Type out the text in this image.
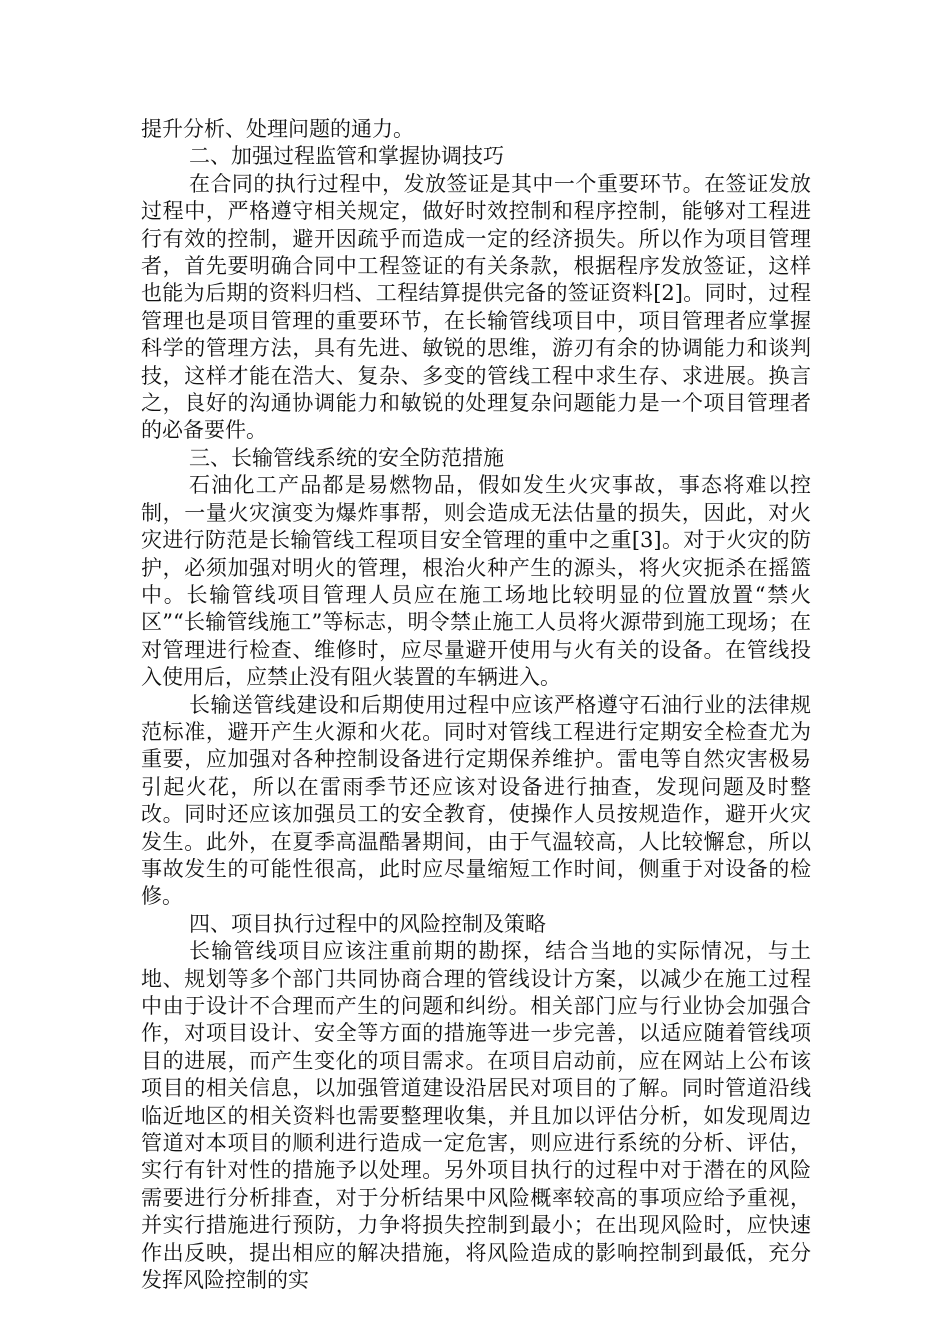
提升分析、处理问题的通力。

二、加强过程监管和掌握协调技巧

在合同的执行过程中，发放签证是其中一个重要环节。在签证发放过程中，严格遵守相关规定，做好时效控制和程序控制，能够对工程进行有效的控制，避开因疏乎而造成一定的经济损失。所以作为项目管理者，首先要明确合同中工程签证的有关条款，根据程序发放签证，这样也能为后期的资料归档、工程结算提供完备的签证资料[2]。同时，过程管理也是项目管理的重要环节，在长输管线项目中，项目管理者应掌握科学的管理方法，具有先进、敏锐的思维，游刃有余的协调能力和谈判技，这样才能在浩大、复杂、多变的管线工程中求生存、求进展。换言之，良好的沟通协调能力和敏锐的处理复杂问题能力是一个项目管理者的必备要件。

三、长输管线系统的安全防范措施

石油化工产品都是易燃物品，假如发生火灾事故，事态将难以控制，一量火灾演变为爆炸事帮，则会造成无法估量的损失，因此，对火灾进行防范是长输管线工程项目安全管理的重中之重[3]。对于火灾的防护，必须加强对明火的管理，根治火种产生的源头，将火灾扼杀在摇篮中。长输管线项目管理人员应在施工场地比较明显的位置放置“禁火区”“长输管线施工”等标志，明令禁止施工人员将火源带到施工现场；在对管理进行检查、维修时，应尽量避开使用与火有关的设备。在管线投入使用后，应禁止没有阻火装置的车辆进入。

长输送管线建设和后期使用过程中应该严格遵守石油行业的法律规范标准，避开产生火源和火花。同时对管线工程进行定期安全检查尤为重要，应加强对各种控制设备进行定期保养维护。雷电等自然灾害极易引起火花，所以在雷雨季节还应该对设备进行抽查，发现问题及时整改。同时还应该加强员工的安全教育，使操作人员按规造作，避开火灾发生。此外，在夏季高温酷暑期间，由于气温较高，人比较懈怠，所以事故发生的可能性很高，此时应尽量缩短工作时间，侧重于对设备的检修。

四、项目执行过程中的风险控制及策略

长输管线项目应该注重前期的勘探，结合当地的实际情况，与土地、规划等多个部门共同协商合理的管线设计方案，以减少在施工过程中由于设计不合理而产生的问题和纠纷。相关部门应与行业协会加强合作，对项目设计、安全等方面的措施等进一步完善，以适应随着管线项目的进展，而产生变化的项目需求。在项目启动前，应在网站上公布该项目的相关信息，以加强管道建设沿居民对项目的了解。同时管道沿线临近地区的相关资料也需要整理收集，并且加以评估分析，如发现周边管道对本项目的顺利进行造成一定危害，则应进行系统的分析、评估，实行有针对性的措施予以处理。另外项目执行的过程中对于潜在的风险需要进行分析排查，对于分析结果中风险概率较高的事项应给予重视，并实行措施进行预防，力争将损失控制到最小；在出现风险时，应快速作出反映，提出相应的解决措施，将风险造成的影响控制到最低，充分发挥风险控制的实
